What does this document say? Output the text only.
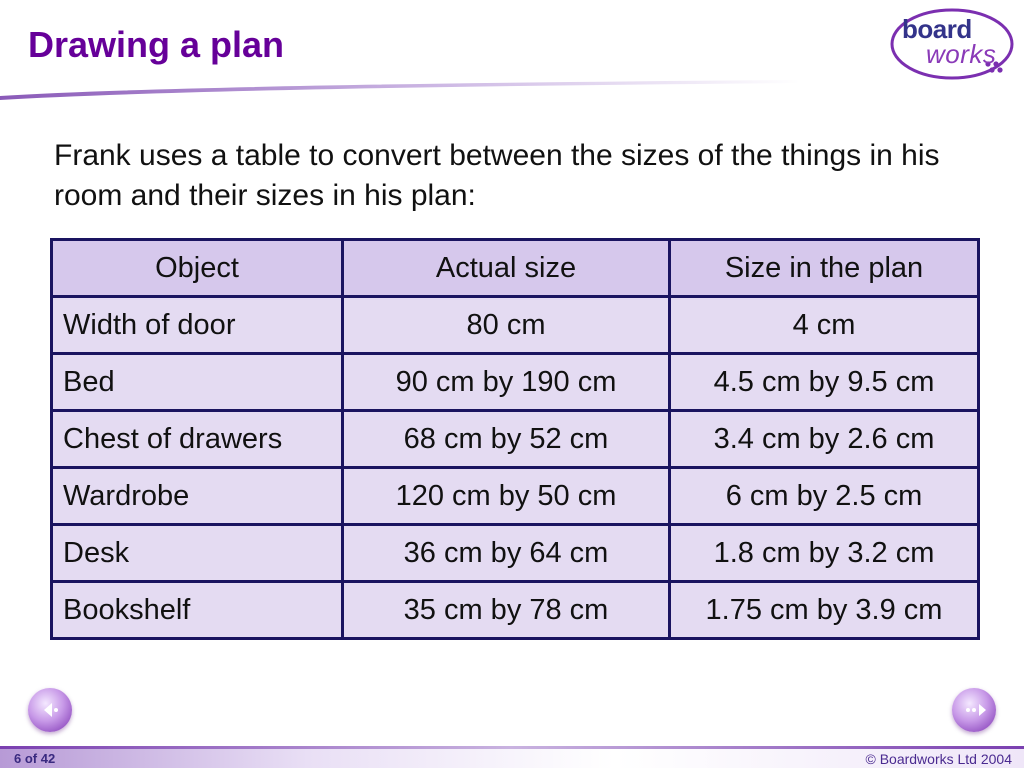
Drawing a plan	board
works

Frank uses a table to convert between the sizes of the things in his room and their sizes in his plan:

Object	Actual size	Size in the plan
Width of door	80 cm	4 cm
Bed	90 cm by 190 cm	4.5 cm by 9.5 cm
Chest of drawers	68 cm by 52 cm	3.4 cm by 2.6 cm
Wardrobe	120 cm by 50 cm	6 cm by 2.5 cm
Desk	36 cm by 64 cm	1.8 cm by 3.2 cm
Bookshelf	35 cm by 78 cm	1.75 cm by 3.9 cm
6 of 42	© Boardworks Ltd 2004
